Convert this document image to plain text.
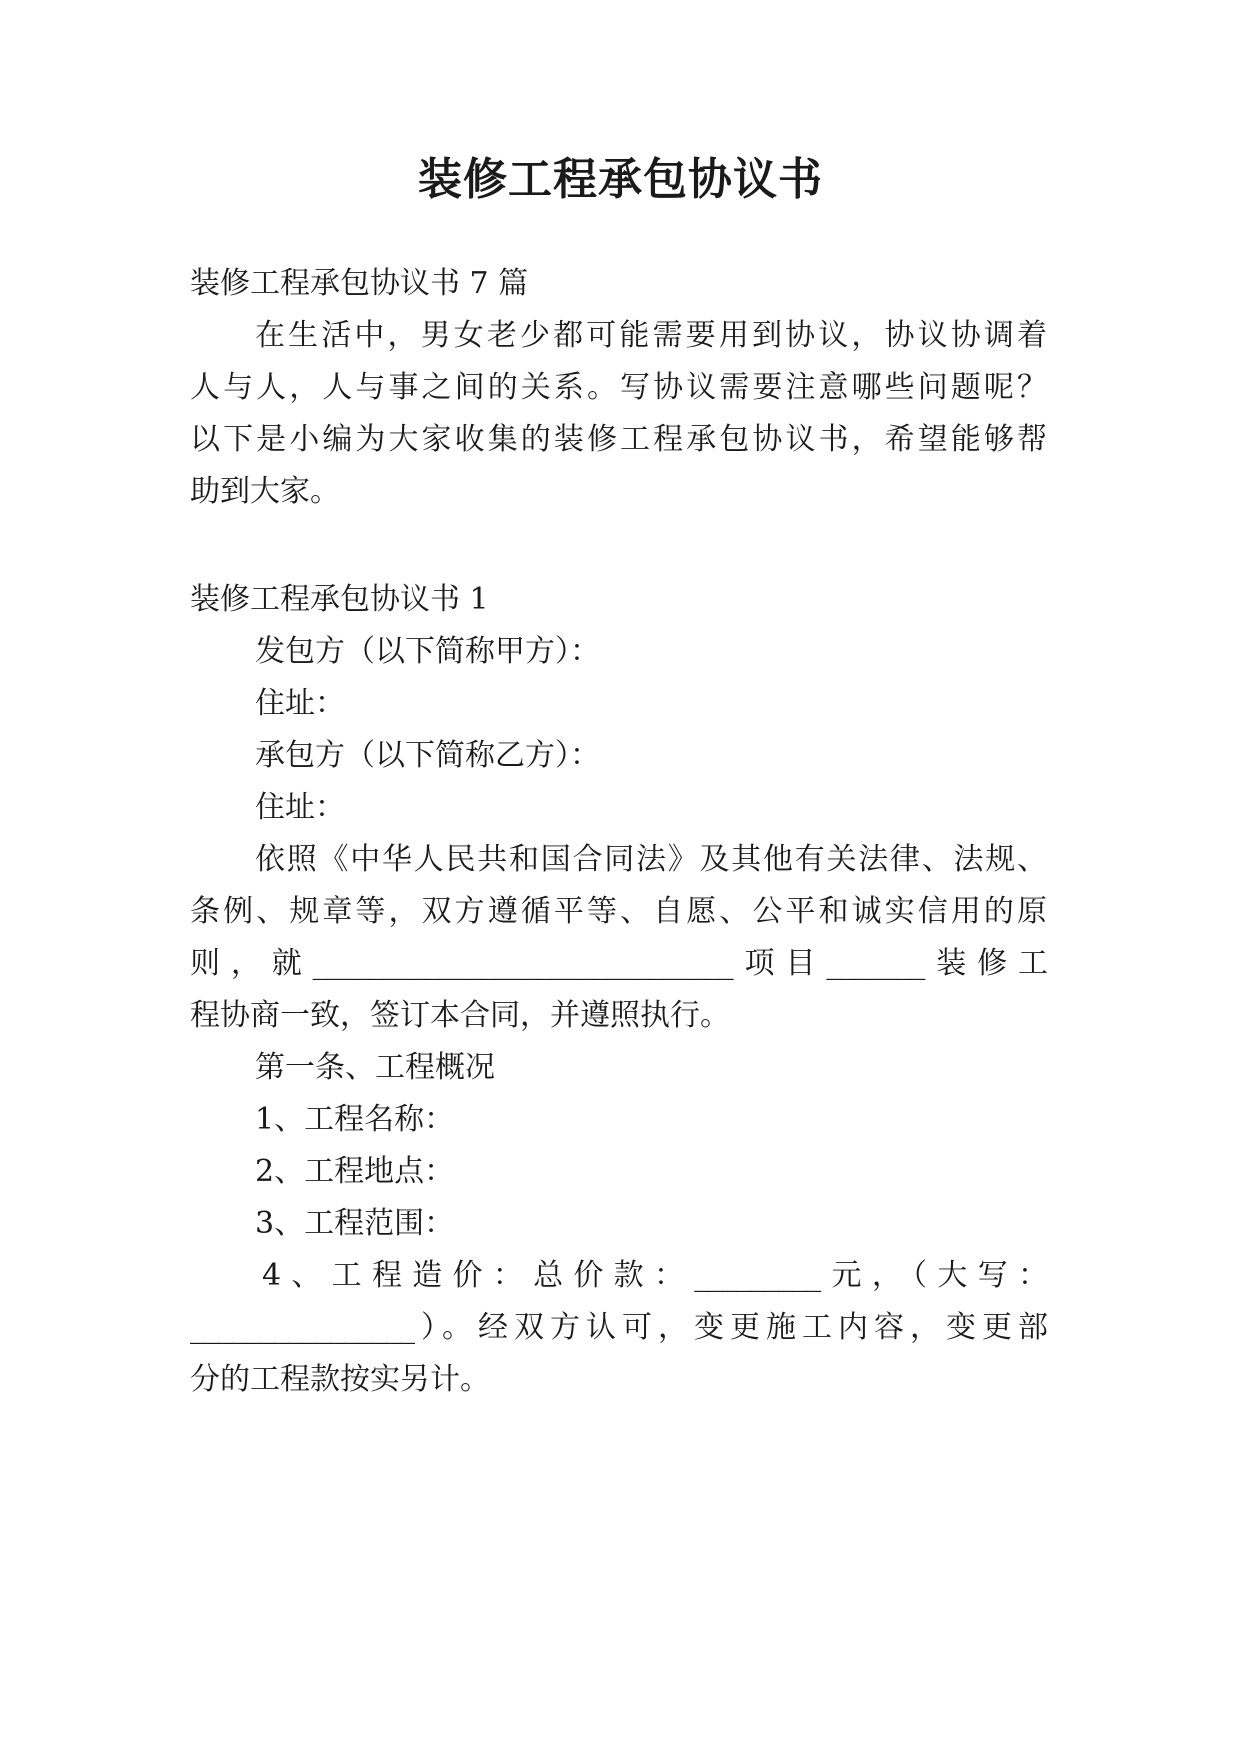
装修工程承包协议书
装修工程承包协议书 7 篇
在生活中，男女老少都可能需要用到协议，协议协调着
人与人，人与事之间的关系。写协议需要注意哪些问题呢？
以下是小编为大家收集的装修工程承包协议书，希望能够帮
助到大家。
装修工程承包协议书 1
发包方（以下简称甲方）：
住址：
承包方（以下简称乙方）：
住址：
依照《中华人民共和国合同法》及其他有关法律、法规、
条例、规章等，双方遵循平等、自愿、公平和诚实信用的原
则，就______________________________项目_______装修工
程协商一致，签订本合同，并遵照执行。
第一条、工程概况
1、工程名称：
2、工程地点：
3、工程范围：
4、工程造价：总价款：_________元，（大写：
________________）。经双方认可，变更施工内容，变更部
分的工程款按实另计。
